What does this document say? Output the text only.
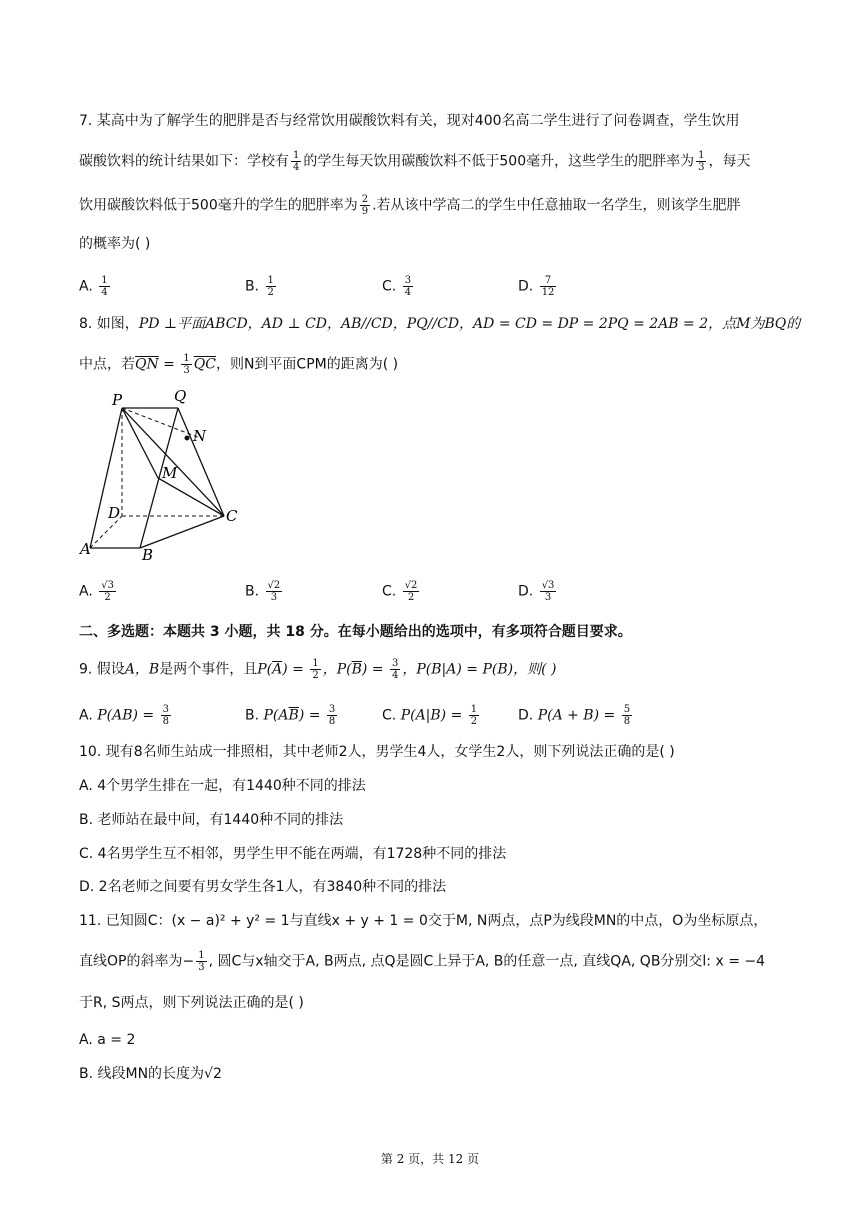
7. 某高中为了解学生的肥胖是否与经常饮用碳酸饮料有关，现对400名高二学生进行了问卷调查，学生饮用
碳酸饮料的统计结果如下：学校有 $\frac{1}{4}$ 的学生每天饮用碳酸饮料不低于500毫升，这些学生的肥胖率为 $\frac{1}{3}$ ，每天
饮用碳酸饮料低于500毫升的学生的肥胖率为 $\frac{2}{9}$ .若从该中学高二的学生中任意抽取一名学生，则该学生肥胖
的概率为( )
A. $\frac{1}{4}$	B. $\frac{1}{2}$	C. $\frac{3}{4}$	D. $\frac{7}{12}$
8. 如图，PD ⊥平面ABCD，AD ⊥ CD，AB//CD，PQ//CD，AD = CD = DP = 2PQ = 2AB = 2，点M为BQ的
中点，若$\overline{QN} = \frac{1}{3} \overline{QC}$，则N到平面CPM的距离为( )
P	Q
N
M
D	C
A	B
A. $\frac{√3}{2}$	B. $\frac{√2}{3}$	C. $\frac{√2}{2}$	D. $\frac{√3}{3}$
二、多选题：本题共 3 小题，共 18 分。在每小题给出的选项中，有多项符合题目要求。
9. 假设A，B是两个事件，且$P(\overline{A}) = \frac{1}{2}$ ，$P(\overline{B}) = \frac{3}{4}$ ，P(B|A) = P(B)，则( )
A. $P(AB) = \frac{3}{8}$	B. $P(A\overline{B}) = \frac{3}{8}$	C. $P(A|B) = \frac{1}{2}$	D. $P(A + B) = \frac{5}{8}$
10. 现有8名师生站成一排照相，其中老师2人，男学生4人，女学生2人，则下列说法正确的是( )
A. 4个男学生排在一起，有1440种不同的排法
B. 老师站在最中间，有1440种不同的排法
C. 4名男学生互不相邻，男学生甲不能在两端，有1728种不同的排法
D. 2名老师之间要有男女学生各1人，有3840种不同的排法
11. 已知圆C：(x − a)² + y² = 1与直线x + y + 1 = 0交于M, N两点，点P为线段MN的中点，O为坐标原点，
直线OP的斜率为− $\frac{1}{3}$ , 圆C与x轴交于A, B两点, 点Q是圆C上异于A, B的任意一点, 直线QA, QB分别交l: x = −4
于R, S两点，则下列说法正确的是( )
A. a = 2
B. 线段MN的长度为√2
第 2 页，共 12 页
